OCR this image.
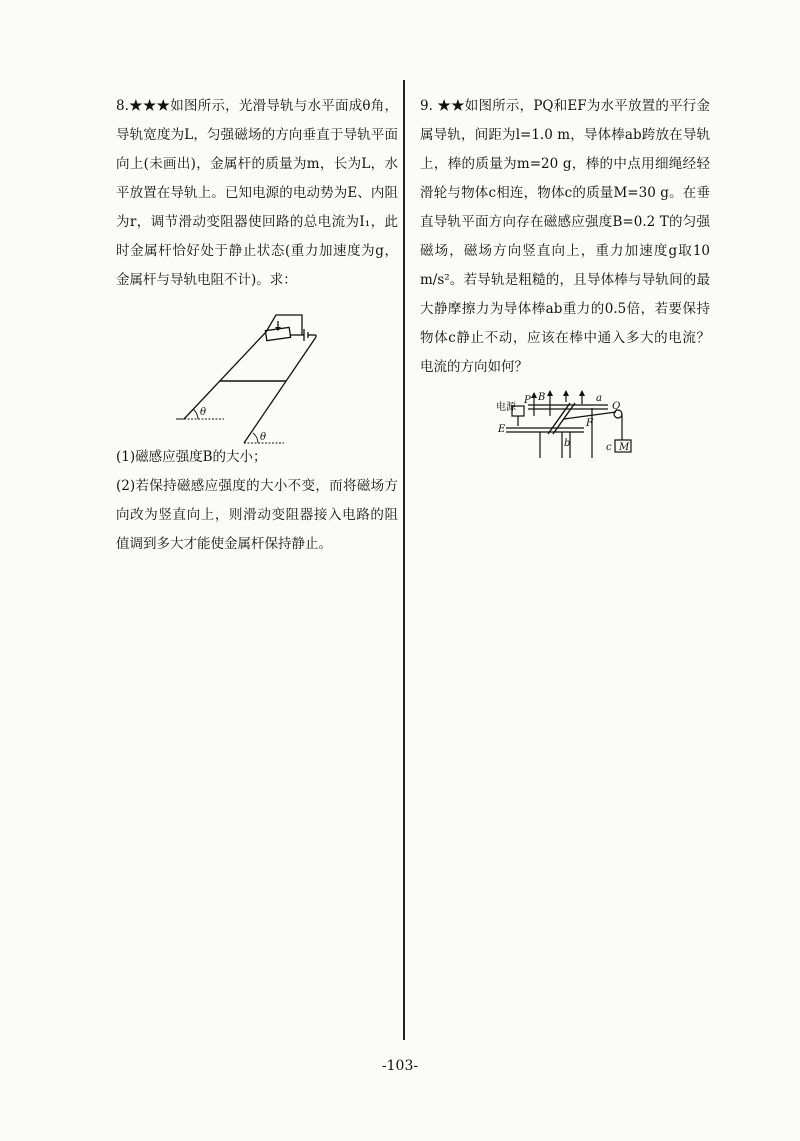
8.★★★如图所示，光滑导轨与水平面成θ角，导轨宽度为L，匀强磁场的方向垂直于导轨平面向上(未画出)，金属杆的质量为m，长为L，水平放置在导轨上。已知电源的电动势为E、内阻为r，调节滑动变阻器使回路的总电流为I₁，此时金属杆恰好处于静止状态(重力加速度为g，金属杆与导轨电阻不计)。求：

θ
θ

(1)磁感应强度B的大小；

(2)若保持磁感应强度的大小不变，而将磁场方向改为竖直向上，则滑动变阻器接入电路的阻值调到多大才能使金属杆保持静止。

9. ★★如图所示，PQ和EF为水平放置的平行金属导轨，间距为l=1.0 m，导体棒ab跨放在导轨上，棒的质量为m=20 g，棒的中点用细绳经轻滑轮与物体c相连，物体c的质量M=30 g。在垂直导轨平面方向存在磁感应强度B=0.2 T的匀强磁场，磁场方向竖直向上，重力加速度g取10 m/s²。若导轨是粗糙的，且导体棒与导轨间的最大静摩擦力为导体棒ab重力的0.5倍，若要保持物体c静止不动，应该在棒中通入多大的电流？电流的方向如何？

电源
P B	a
Q
E
F
b	c M
-103-
